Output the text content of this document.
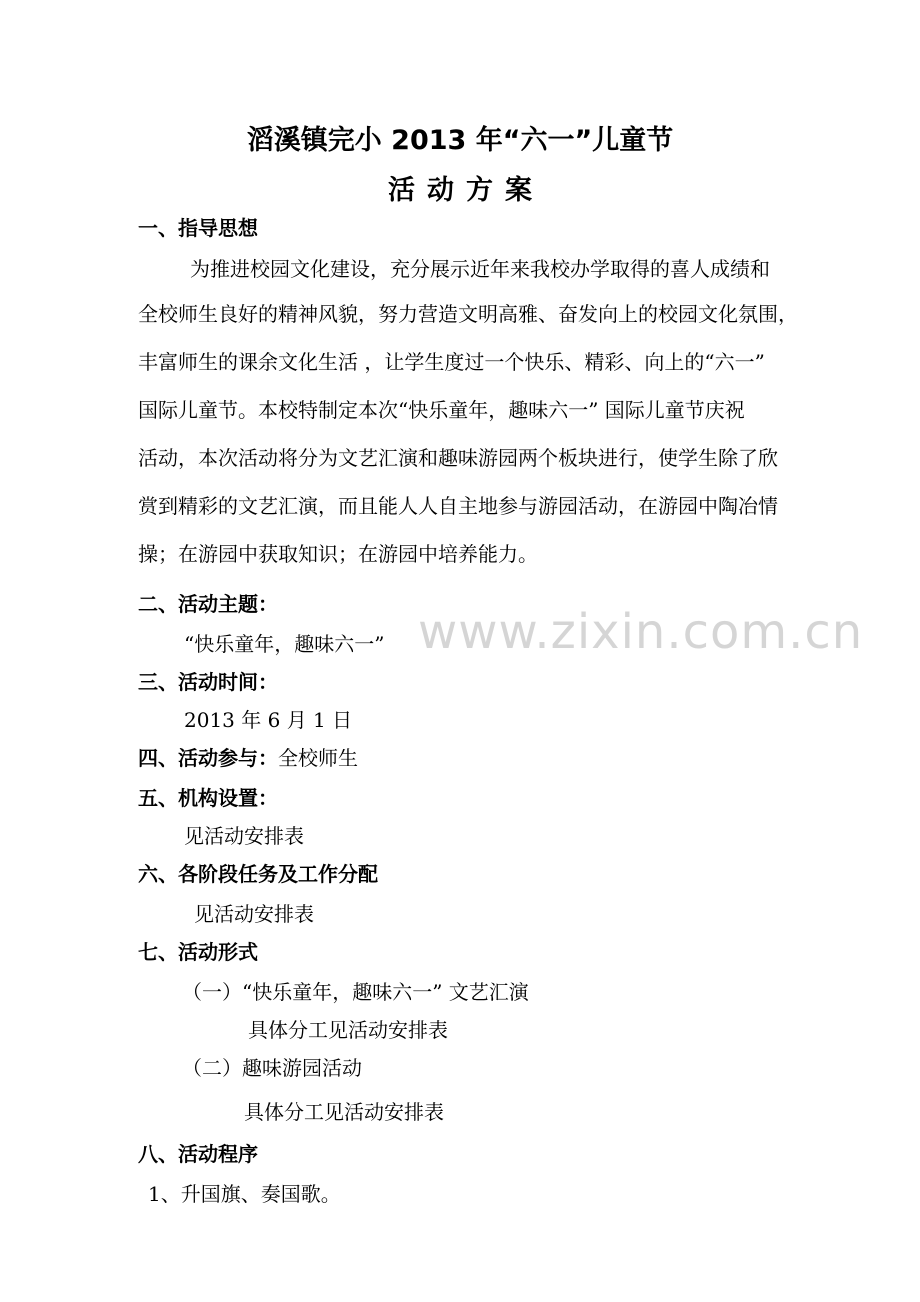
滔溪镇完小 2013 年“六一”儿童节
活动方案
一、指导思想
为推进校园文化建设，充分展示近年来我校办学取得的喜人成绩和
全校师生良好的精神风貌，努力营造文明高雅、奋发向上的校园文化氛围，
丰富师生的课余文化生活 ，让学生度过一个快乐、精彩、向上的“六一”
国际儿童节。本校特制定本次“快乐童年，趣味六一” 国际儿童节庆祝
活动，本次活动将分为文艺汇演和趣味游园两个板块进行，使学生除了欣
赏到精彩的文艺汇演，而且能人人自主地参与游园活动，在游园中陶冶情
操；在游园中获取知识；在游园中培养能力。
二、活动主题：
“快乐童年，趣味六一” www.zixin.com.cn
三、活动时间：
2013 年 6 月 1 日
四、活动参与：全校师生
五、机构设置：
见活动安排表
六、各阶段任务及工作分配
见活动安排表
七、活动形式
（一）“快乐童年，趣味六一” 文艺汇演
具体分工见活动安排表
（二）趣味游园活动
具体分工见活动安排表
八、活动程序
1、升国旗、奏国歌。
